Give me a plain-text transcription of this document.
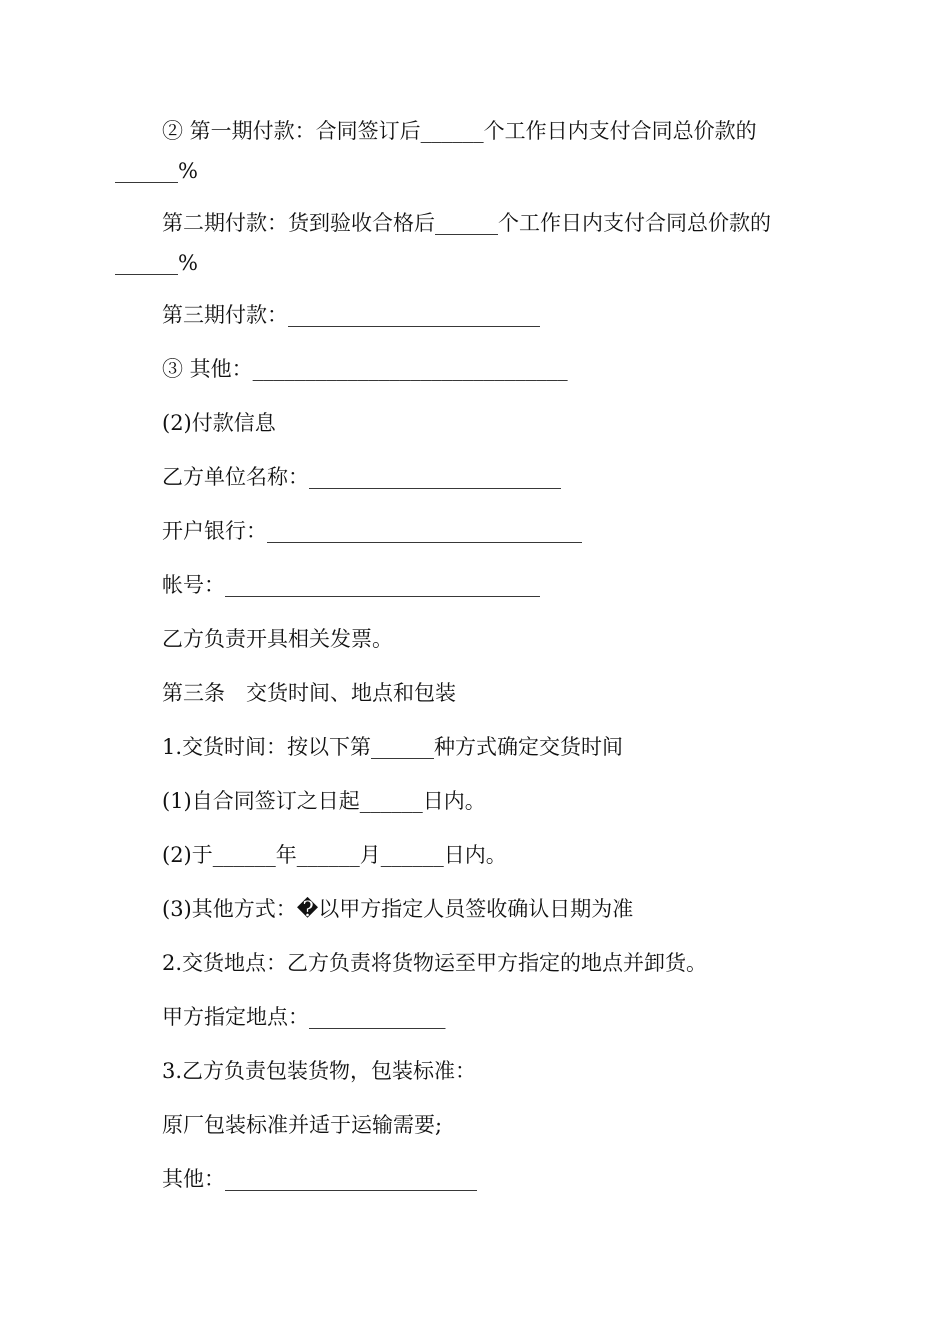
② 第一期付款：合同签订后______个工作日内支付合同总价款的
______%
第二期付款：货到验收合格后______个工作日内支付合同总价款的
______%
第三期付款：________________________
③ 其他：______________________________
(2)付款信息
乙方单位名称：________________________
开户银行：______________________________
帐号：______________________________
乙方负责开具相关发票。
第三条　交货时间、地点和包装
1.交货时间：按以下第______种方式确定交货时间
(1)自合同签订之日起______日内。
(2)于______年______月______日内。
(3)其他方式：�以甲方指定人员签收确认日期为准
2.交货地点：乙方负责将货物运至甲方指定的地点并卸货。
甲方指定地点：_____________
3.乙方负责包装货物，包装标准：
原厂包装标准并适于运输需要;
其他：________________________
